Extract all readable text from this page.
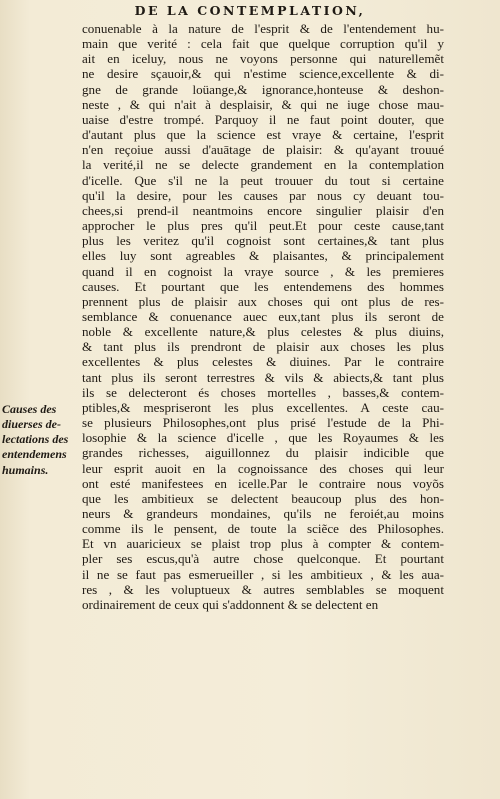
DE LA CONTEMPLATION,
Causes des
diuerses de-
lectations des
entendemens
humains.
conuenable à la nature de l'esprit & de l'entendement hu-
main que verité : cela fait que quelque corruption qu'il y
ait en iceluy, nous ne voyons personne qui naturellemẽt
ne desire sçauoir,& qui n'estime science,excellente & di-
gne de grande loüange,& ignorance,honteuse & deshon-
neste , & qui n'ait à desplaisir, & qui ne iuge chose mau-
uaise d'estre trompé. Parquoy il ne faut point douter, que
d'autant plus que la science est vraye & certaine, l'esprit
n'en reçoiue aussi d'auātage de plaisir: & qu'ayant trouué
la verité,il ne se delecte grandement en la contemplation
d'icelle. Que s'il ne la peut trouuer du tout si certaine
qu'il la desire, pour les causes par nous cy deuant tou-
chees,si prend-il neantmoins encore singulier plaisir d'en
approcher le plus pres qu'il peut.Et pour ceste cause,tant
plus les veritez qu'il cognoist sont certaines,& tant plus
elles luy sont agreables & plaisantes, & principalement
quand il en cognoist la vraye source , & les premieres
causes. Et pourtant que les entendemens des hommes
prennent plus de plaisir aux choses qui ont plus de res-
semblance & conuenance auec eux,tant plus ils seront de
noble & excellente nature,& plus celestes & plus diuins,
& tant plus ils prendront de plaisir aux choses les plus
excellentes & plus celestes & diuines. Par le contraire
tant plus ils seront terrestres & vils & abiects,& tant plus
ils se delecteront és choses mortelles , basses,& contem-
ptibles,& mespriseront les plus excellentes. A ceste cau-
se plusieurs Philosophes,ont plus prisé l'estude de la Phi-
losophie & la science d'icelle , que les Royaumes & les
grandes richesses, aiguillonnez du plaisir indicible que
leur esprit auoit en la cognoissance des choses qui leur
ont esté manifestees en icelle.Par le contraire nous voyõs
que les ambitieux se delectent beaucoup plus des hon-
neurs & grandeurs mondaines, qu'ils ne feroiét,au moins
comme ils le pensent, de toute la sciẽce des Philosophes.
Et vn auaricieux se plaist trop plus à compter & contem-
pler ses escus,qu'à autre chose quelconque. Et pourtant
il ne se faut pas esmerueiller , si les ambitieux , & les aua-
res , & les voluptueux & autres semblables se moquent
ordinairement de ceux qui s'addonnent & se delectent en
